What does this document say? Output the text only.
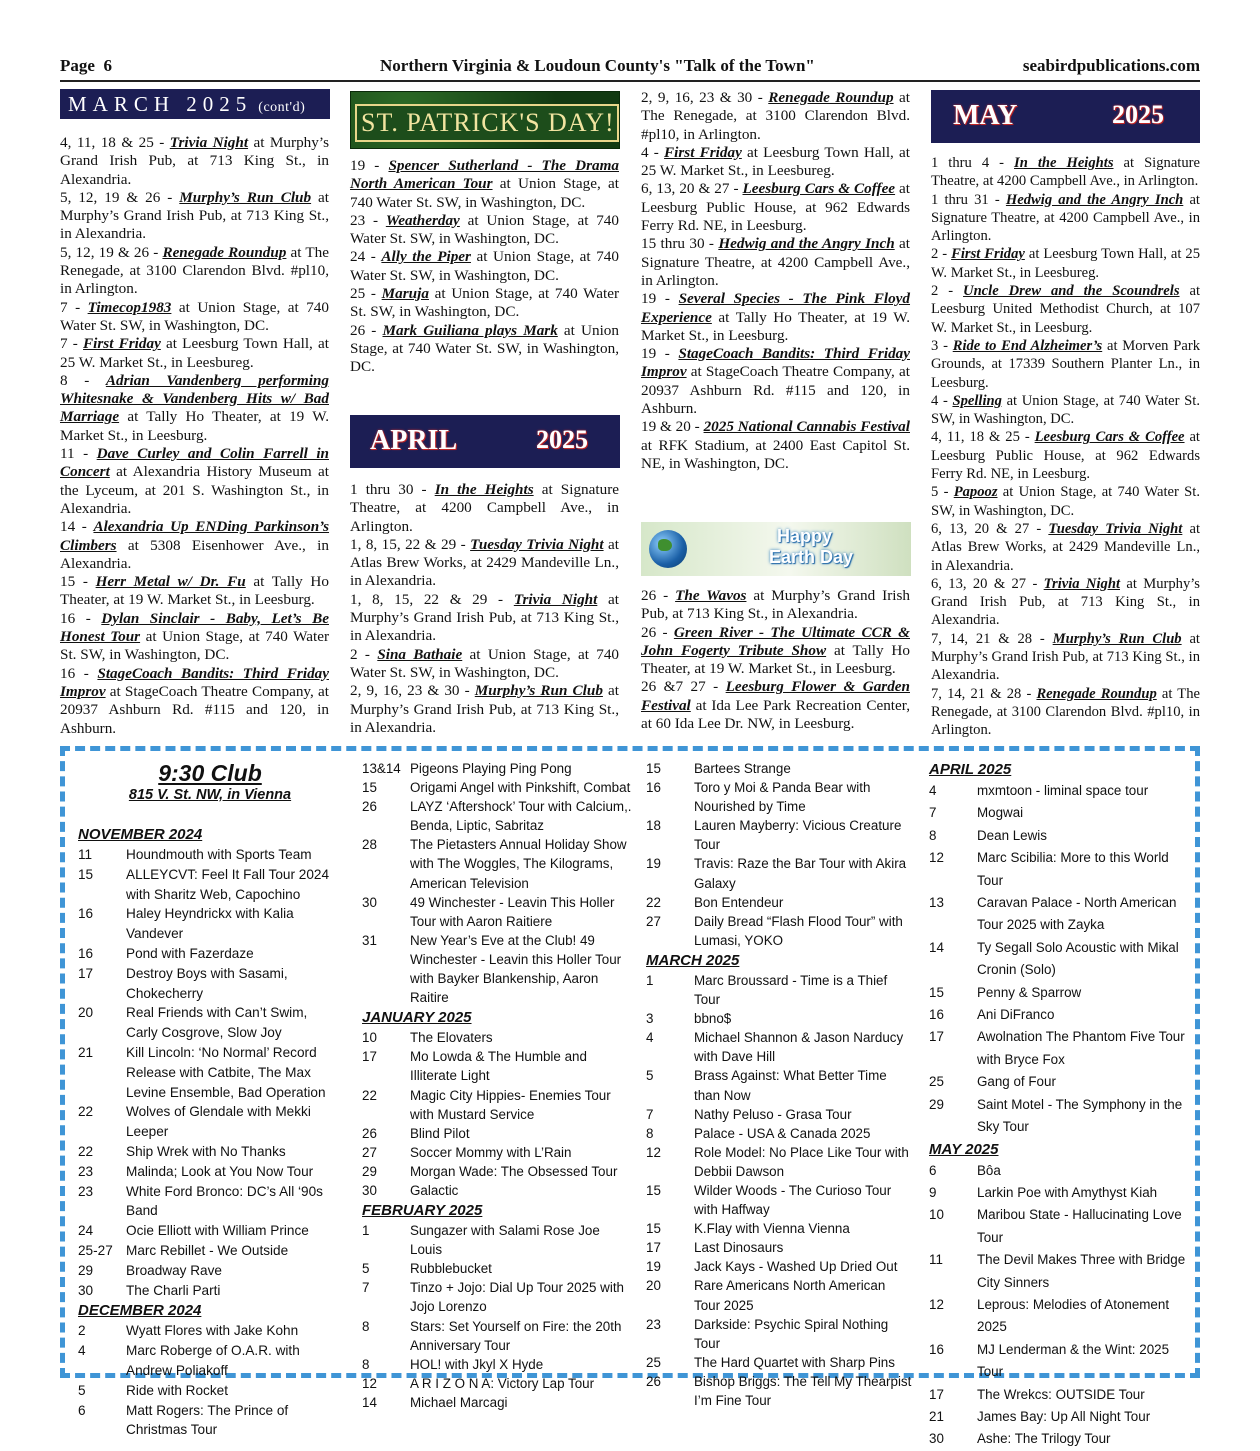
Page 6	Northern Virginia & Loudoun County's "Talk of the Town"	seabirdpublications.com
MARCH 2025 (cont'd)

4, 11, 18 & 25 - Trivia Night at Murphy’s Grand Irish Pub, at 713 King St., in Alexandria.

5, 12, 19 & 26 - Murphy’s Run Club at Murphy’s Grand Irish Pub, at 713 King St., in Alexandria.

5, 12, 19 & 26 - Renegade Roundup at The Renegade, at 3100 Clarendon Blvd. #pl10, in Arlington.

7 - Timecop1983 at Union Stage, at 740 Water St. SW, in Washington, DC.

7 - First Friday at Leesburg Town Hall, at 25 W. Market St., in Leesbureg.

8 - Adrian Vandenberg performing Whitesnake & Vandenberg Hits w/ Bad Marriage at Tally Ho Theater, at 19 W. Market St., in Leesburg.

11 - Dave Curley and Colin Farrell in Concert at Alexandria History Museum at the Lyceum, at 201 S. Washington St., in Alexandria.

14 - Alexandria Up ENDing Parkinson’s Climbers at 5308 Eisenhower Ave., in Alexandria.

15 - Herr Metal w/ Dr. Fu at Tally Ho Theater, at 19 W. Market St., in Leesburg.

16 - Dylan Sinclair - Baby, Let’s Be Honest Tour at Union Stage, at 740 Water St. SW, in Washington, DC.

16 - StageCoach Bandits: Third Friday Improv at StageCoach Theatre Company, at 20937 Ashburn Rd. #115 and 120, in Ashburn.

ST. PATRICK'S DAY!

19 - Spencer Sutherland - The Drama North American Tour at Union Stage, at 740 Water St. SW, in Washington, DC.

23 - Weatherday at Union Stage, at 740 Water St. SW, in Washington, DC.

24 - Ally the Piper at Union Stage, at 740 Water St. SW, in Washington, DC.

25 - Maruja at Union Stage, at 740 Water St. SW, in Washington, DC.

26 - Mark Guiliana plays Mark at Union Stage, at 740 Water St. SW, in Washington, DC.

APRIL	2025

1 thru 30 - In the Heights at Signature Theatre, at 4200 Campbell Ave., in Arlington.

1, 8, 15, 22 & 29 - Tuesday Trivia Night at Atlas Brew Works, at 2429 Mandeville Ln., in Alexandria.

1, 8, 15, 22 & 29 - Trivia Night at Murphy’s Grand Irish Pub, at 713 King St., in Alexandria.

2 - Sina Bathaie at Union Stage, at 740 Water St. SW, in Washington, DC.

2, 9, 16, 23 & 30 - Murphy’s Run Club at Murphy’s Grand Irish Pub, at 713 King St., in Alexandria.

2, 9, 16, 23 & 30 - Renegade Roundup at The Renegade, at 3100 Clarendon Blvd. #pl10, in Arlington.

4 - First Friday at Leesburg Town Hall, at 25 W. Market St., in Leesbureg.

6, 13, 20 & 27 - Leesburg Cars & Coffee at Leesburg Public House, at 962 Edwards Ferry Rd. NE, in Leesburg.

15 thru 30 - Hedwig and the Angry Inch at Signature Theatre, at 4200 Campbell Ave., in Arlington.

19 - Several Species - The Pink Floyd Experience at Tally Ho Theater, at 19 W. Market St., in Leesburg.

19 - StageCoach Bandits: Third Friday Improv at StageCoach Theatre Company, at 20937 Ashburn Rd. #115 and 120, in Ashburn.

19 & 20 - 2025 National Cannabis Festival at RFK Stadium, at 2400 East Capitol St. NE, in Washington, DC.

Happy
Earth Day

26 - The Wavos at Murphy’s Grand Irish Pub, at 713 King St., in Alexandria.

26 - Green River - The Ultimate CCR & John Fogerty Tribute Show at Tally Ho Theater, at 19 W. Market St., in Leesburg.

26 &7 27 - Leesburg Flower & Garden Festival at Ida Lee Park Recreation Center, at 60 Ida Lee Dr. NW, in Leesburg.

MAY	2025

1 thru 4 - In the Heights at Signature Theatre, at 4200 Campbell Ave., in Arlington.

1 thru 31 - Hedwig and the Angry Inch at Signature Theatre, at 4200 Campbell Ave., in Arlington.

2 - First Friday at Leesburg Town Hall, at 25 W. Market St., in Leesbureg.

2 - Uncle Drew and the Scoundrels at Leesburg United Methodist Church, at 107 W. Market St., in Leesburg.

3 - Ride to End Alzheimer’s at Morven Park Grounds, at 17339 Southern Planter Ln., in Leesburg.

4 - Spelling at Union Stage, at 740 Water St. SW, in Washington, DC.

4, 11, 18 & 25 - Leesburg Cars & Coffee at Leesburg Public House, at 962 Edwards Ferry Rd. NE, in Leesburg.

5 - Papooz at Union Stage, at 740 Water St. SW, in Washington, DC.

6, 13, 20 & 27 - Tuesday Trivia Night at Atlas Brew Works, at 2429 Mandeville Ln., in Alexandria.

6, 13, 20 & 27 - Trivia Night at Murphy’s Grand Irish Pub, at 713 King St., in Alexandria.

7, 14, 21 & 28 - Murphy’s Run Club at Murphy’s Grand Irish Pub, at 713 King St., in Alexandria.

7, 14, 21 & 28 - Renegade Roundup at The Renegade, at 3100 Clarendon Blvd. #pl10, in Arlington.

9:30 Club
815 V. St. NW, in Vienna
NOVEMBER 2024
11	Houndmouth with Sports Team
15	ALLEYCVT: Feel It Fall Tour 2024 with Sharitz Web, Capochino
16	Haley Heyndrickx with Kalia Vandever
16	Pond with Fazerdaze
17	Destroy Boys with Sasami, Chokecherry
20	Real Friends with Can’t Swim, Carly Cosgrove, Slow Joy
21	Kill Lincoln: ‘No Normal’ Record Release with Catbite, The Max Levine Ensemble, Bad Operation
22	Wolves of Glendale with Mekki Leeper
22	Ship Wrek with No Thanks
23	Malinda; Look at You Now Tour
23	White Ford Bronco: DC’s All ‘90s Band
24	Ocie Elliott with William Prince
25-27 Marc Rebillet - We Outside
29	Broadway Rave
30	The Charli Parti
DECEMBER 2024
2	Wyatt Flores with Jake Kohn
4	Marc Roberge of O.A.R. with Andrew Poliakoff
5	Ride with Rocket
6	Matt Rogers: The Prince of Christmas Tour
13&14 Pigeons Playing Ping Pong
15	Origami Angel with Pinkshift, Combat
26	LAYZ ‘Aftershock’ Tour with Calcium,. Benda, Liptic, Sabritaz
28	The Pietasters Annual Holiday Show with The Woggles, The Kilograms, American Television
30	49 Winchester - Leavin This Holler Tour with Aaron Raitiere
31	New Year’s Eve at the Club! 49 Winchester - Leavin this Holler Tour with Bayker Blankenship, Aaron Raitire
JANUARY 2025
10	The Elovaters
17	Mo Lowda & The Humble and Illiterate Light
22	Magic City Hippies- Enemies Tour with Mustard Service
26	Blind Pilot
27	Soccer Mommy with L’Rain
29	Morgan Wade: The Obsessed Tour
30	Galactic
FEBRUARY 2025
1	Sungazer with Salami Rose Joe Louis
5	Rubblebucket
7	Tinzo + Jojo: Dial Up Tour 2025 with Jojo Lorenzo
8	Stars: Set Yourself on Fire: the 20th Anniversary Tour
8	HOL! with Jkyl X Hyde
12	A R I Z O N A: Victory Lap Tour
14	Michael Marcagi
15	Bartees Strange
16	Toro y Moi & Panda Bear with Nourished by Time
18	Lauren Mayberry: Vicious Creature Tour
19	Travis: Raze the Bar Tour with Akira Galaxy
22	Bon Entendeur
27	Daily Bread “Flash Flood Tour” with Lumasi, YOKO
MARCH 2025
1	Marc Broussard - Time is a Thief Tour
3	bbno$
4	Michael Shannon & Jason Narducy with Dave Hill
5	Brass Against: What Better Time than Now
7	Nathy Peluso - Grasa Tour
8	Palace - USA & Canada 2025
12	Role Model: No Place Like Tour with Debbii Dawson
15	Wilder Woods - The Curioso Tour with Haffway
15	K.Flay with Vienna Vienna
17	Last Dinosaurs
19	Jack Kays - Washed Up Dried Out
20	Rare Americans North American Tour 2025
23	Darkside: Psychic Spiral Nothing Tour
25	The Hard Quartet with Sharp Pins
26	Bishop Briggs: The Tell My Thearpist I’m Fine Tour
APRIL 2025
4	mxmtoon - liminal space tour
7	Mogwai
8	Dean Lewis
12	Marc Scibilia: More to this World Tour
13	Caravan Palace - North American Tour 2025 with Zayka
14	Ty Segall Solo Acoustic with Mikal Cronin (Solo)
15	Penny & Sparrow
16	Ani DiFranco
17	Awolnation The Phantom Five Tour with Bryce Fox
25	Gang of Four
29	Saint Motel - The Symphony in the Sky Tour
MAY 2025
6	Bôa
9	Larkin Poe with Amythyst Kiah
10	Maribou State - Hallucinating Love Tour
11	The Devil Makes Three with Bridge City Sinners
12	Leprous: Melodies of Atonement 2025
16	MJ Lenderman & the Wint: 2025 Tour
17	The Wrekcs: OUTSIDE Tour
21	James Bay: Up All Night Tour
30	Ashe: The Trilogy Tour
